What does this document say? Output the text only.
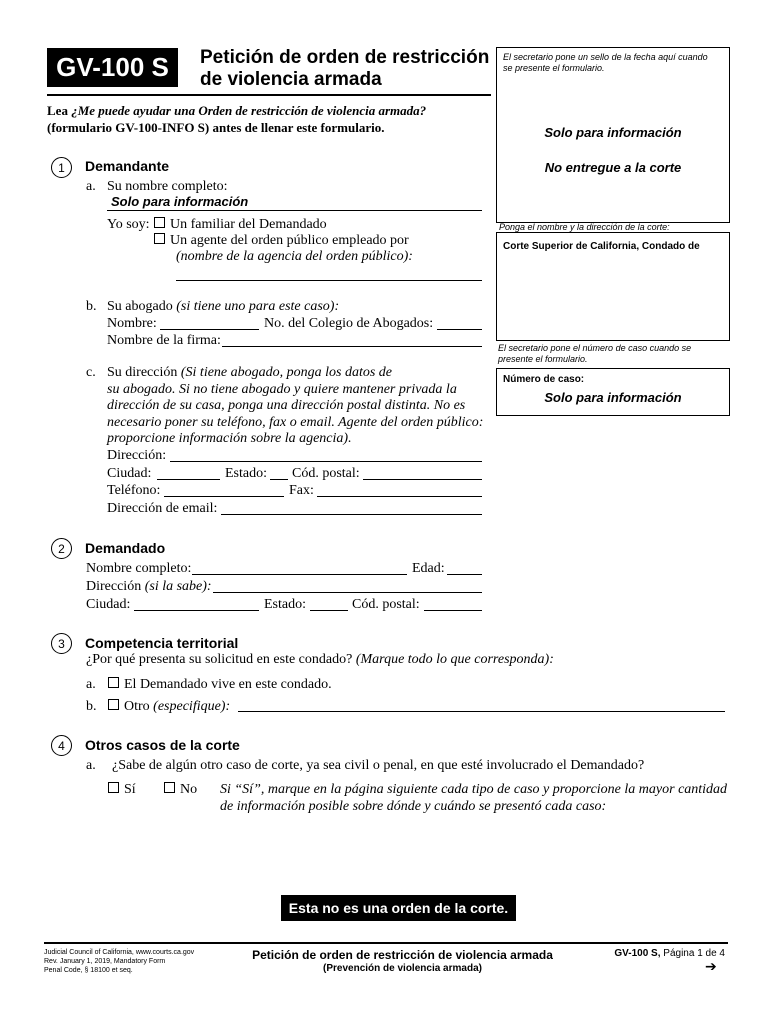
GV-100 S	Petición de orden de restricción
de violencia armada
Lea ¿Me puede ayudar una Orden de restricción de violencia armada?
(formulario GV-100-INFO S) antes de llenar este formulario.
El secretario pone un sello de la fecha aquí cuando se presente el formulario.
Solo para información
No entregue a la corte
Ponga el nombre y la dirección de la corte:
Corte Superior de California, Condado de
El secretario pone el número de caso cuando se presente el formulario.
Número de caso:
Solo para información
1	Demandante
a. Su nombre completo:
Solo para información
Yo soy:	Un familiar del Demandado
Un agente del orden público empleado por
(nombre de la agencia del orden público):
b. Su abogado (si tiene uno para este caso):
Nombre:	No. del Colegio de Abogados:
Nombre de la firma:
c. Su dirección (Si tiene abogado, ponga los datos de
su abogado. Si no tiene abogado y quiere mantener privada la
dirección de su casa, ponga una dirección postal distinta. No es
necesario poner su teléfono, fax o email. Agente del orden público:
proporcione información sobre la agencia).
Dirección:
Ciudad:	Estado: Cód. postal:
Teléfono:	Fax:
Dirección de email:
2	Demandado
Nombre completo:	Edad:
Dirección (si la sabe):
Ciudad:	Estado:	Cód. postal:
3	Competencia territorial
¿Por qué presenta su solicitud en este condado? (Marque todo lo que corresponda):
a.	El Demandado vive en este condado.
b.	Otro (especifique):
4	Otros casos de la corte
a. ¿Sabe de algún otro caso de corte, ya sea civil o penal, en que esté involucrado el Demandado?
Sí	No Si “Sí”, marque en la página siguiente cada tipo de caso y proporcione la mayor cantidad
de información posible sobre dónde y cuándo se presentó cada caso:
Esta no es una orden de la corte.
Judicial Council of California, www.courts.ca.gov
Rev. January 1, 2019, Mandatory Form
Penal Code, § 18100 et seq.
Petición de orden de restricción de violencia armada
(Prevención de violencia armada)
GV-100 S, Página 1 de 4
➔
